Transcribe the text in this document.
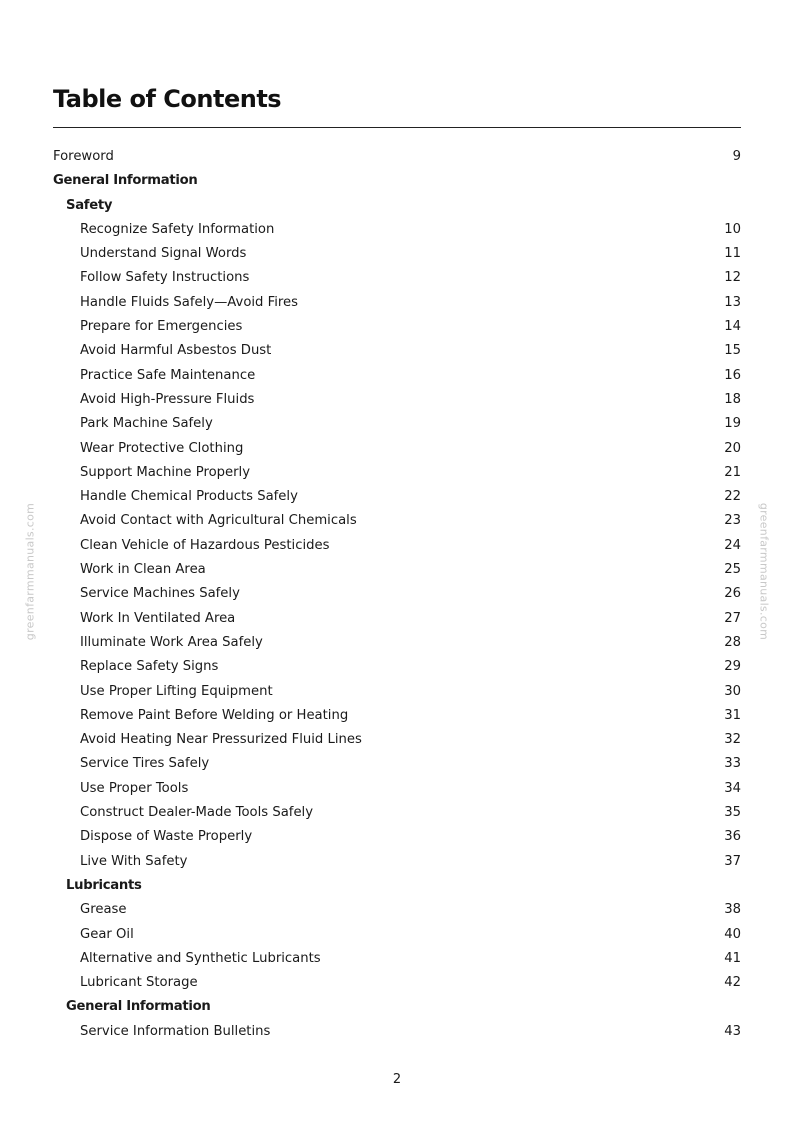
Table of Contents
Foreword	9
General Information
Safety
Recognize Safety Information	10
Understand Signal Words	11
Follow Safety Instructions	12
Handle Fluids Safely—Avoid Fires	13
Prepare for Emergencies	14
Avoid Harmful Asbestos Dust	15
Practice Safe Maintenance	16
Avoid High-Pressure Fluids	18
Park Machine Safely	19
Wear Protective Clothing	20
Support Machine Properly	21
Handle Chemical Products Safely	22
Avoid Contact with Agricultural Chemicals	23
Clean Vehicle of Hazardous Pesticides	24
Work in Clean Area	25
Service Machines Safely	26
Work In Ventilated Area	27
Illuminate Work Area Safely	28
Replace Safety Signs	29
Use Proper Lifting Equipment	30
Remove Paint Before Welding or Heating	31
Avoid Heating Near Pressurized Fluid Lines	32
Service Tires Safely	33
Use Proper Tools	34
Construct Dealer-Made Tools Safely	35
Dispose of Waste Properly	36
Live With Safety	37
Lubricants
Grease	38
Gear Oil	40
Alternative and Synthetic Lubricants	41
Lubricant Storage	42
General Information
Service Information Bulletins	43
greenfarmmanuals.com	greenfarmmanuals.com
2
